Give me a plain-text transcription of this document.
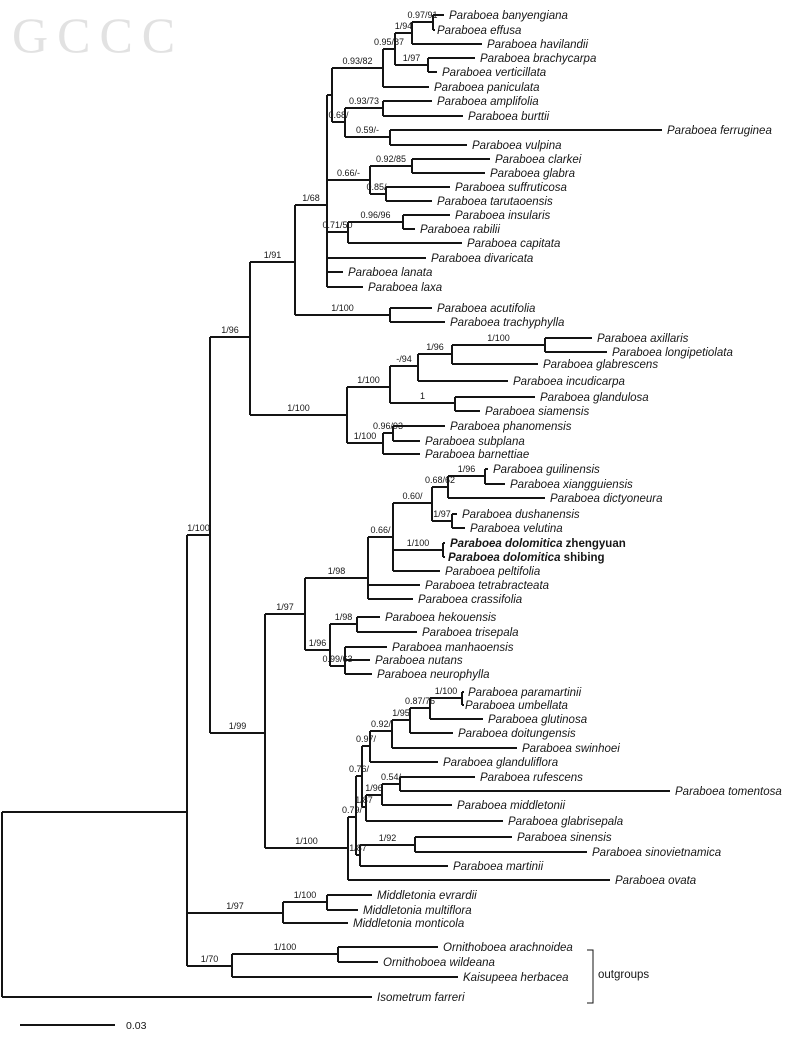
GCCC
1/100
1/96
1/91
1/68
0.93/82
0.95/87
1/94
0.97/91 Paraboea banyengiana
Paraboea effusa
Paraboea havilandii
1/97	Paraboea brachycarpa
Paraboea verticillata
Paraboea paniculata
0.68/
0.93/73	Paraboea amplifolia
Paraboea burttii
0.59/-	Paraboea ferruginea
Paraboea vulpina
0.66/-
0.92/85	Paraboea clarkei
Paraboea glabra
0.85/-	Paraboea suffruticosa
Paraboea tarutaoensis
0.71/50
0.96/96	Paraboea insularis
Paraboea rabilii
Paraboea capitata
Paraboea divaricata
Paraboea lanata
Paraboea laxa
1/100	Paraboea acutifolia
Paraboea trachyphylla
1/100
1/100
-/94
1/96
1/100	Paraboea axillaris
Paraboea longipetiolata
Paraboea glabrescens
Paraboea incudicarpa
1	Paraboea glandulosa
Paraboea siamensis
1/100
0.96/93	Paraboea phanomensis
Paraboea subplana
Paraboea barnettiae
1/99
1/97
1/98
0.66/
0.60/
0.68/62
1/96 Paraboea guilinensis
Paraboea xiangguiensis
Paraboea dictyoneura
1/97 Paraboea dushanensis
Paraboea velutina
1/100 Paraboea dolomitica zhengyuan
Paraboea dolomitica shibing
Paraboea peltifolia
Paraboea tetrabracteata
Paraboea crassifolia
1/96
1/98	Paraboea hekouensis
Paraboea trisepala
0.99/63
Paraboea manhaoensis
Paraboea nutans
Paraboea neurophylla
1/100
0.79/
0.76/
0.97/
0.92/
1/95
0.87/76
1/100 Paraboea paramartinii
Paraboea umbellata
Paraboea glutinosa
Paraboea doitungensis
Paraboea swinhoei
Paraboea glanduliflora
1/87
1/96
0.54/	Paraboea rufescens
Paraboea tomentosa
Paraboea middletonii
Paraboea glabrisepala
1/87
1/92	Paraboea sinensis
Paraboea sinovietnamica
Paraboea martinii
Paraboea ovata
1/97
1/100	Middletonia evrardii
Middletonia multiflora
Middletonia monticola
1/70
1/100	Ornithoboea arachnoidea
Ornithoboea wildeana
Kaisupeea herbacea
Isometrum farreri
0.03
outgroups
